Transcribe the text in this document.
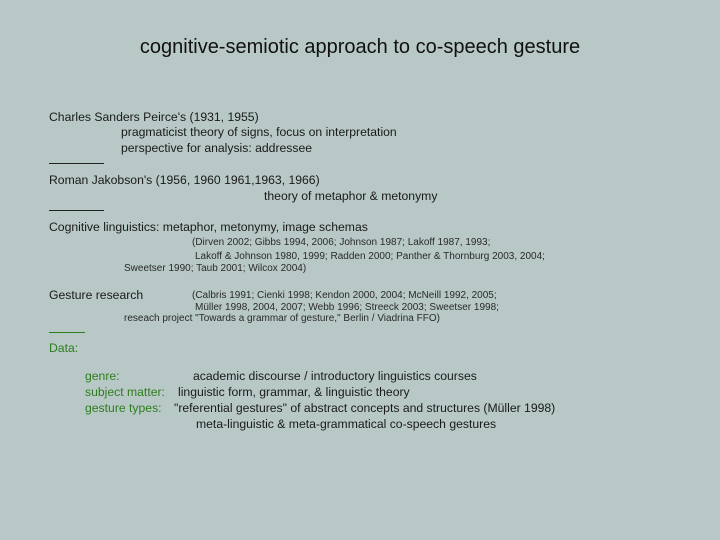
cognitive-semiotic approach to co-speech gesture
Charles Sanders Peirce's (1931, 1955)
pragmaticist theory of signs, focus on interpretation
perspective for analysis: addressee
Roman Jakobson's (1956, 1960 1961,1963, 1966)
theory of metaphor & metonymy
Cognitive linguistics: metaphor, metonymy, image schemas
(Dirven 2002; Gibbs 1994, 2006; Johnson 1987; Lakoff 1987, 1993;
Lakoff & Johnson 1980, 1999; Radden 2000; Panther & Thornburg 2003, 2004;
Sweetser 1990; Taub 2001; Wilcox 2004)
Gesture research	(Calbris 1991; Cienki 1998; Kendon 2000, 2004; McNeill 1992, 2005;
Müller 1998, 2004, 2007; Webb 1996; Streeck 2003; Sweetser 1998;
reseach project "Towards a grammar of gesture," Berlin / Viadrina FFO)
Data:
genre:	academic discourse / introductory linguistics courses
subject matter: linguistic form, grammar, & linguistic theory
gesture types: "referential gestures" of abstract concepts and structures (Müller 1998)
meta-linguistic & meta-grammatical co-speech gestures
